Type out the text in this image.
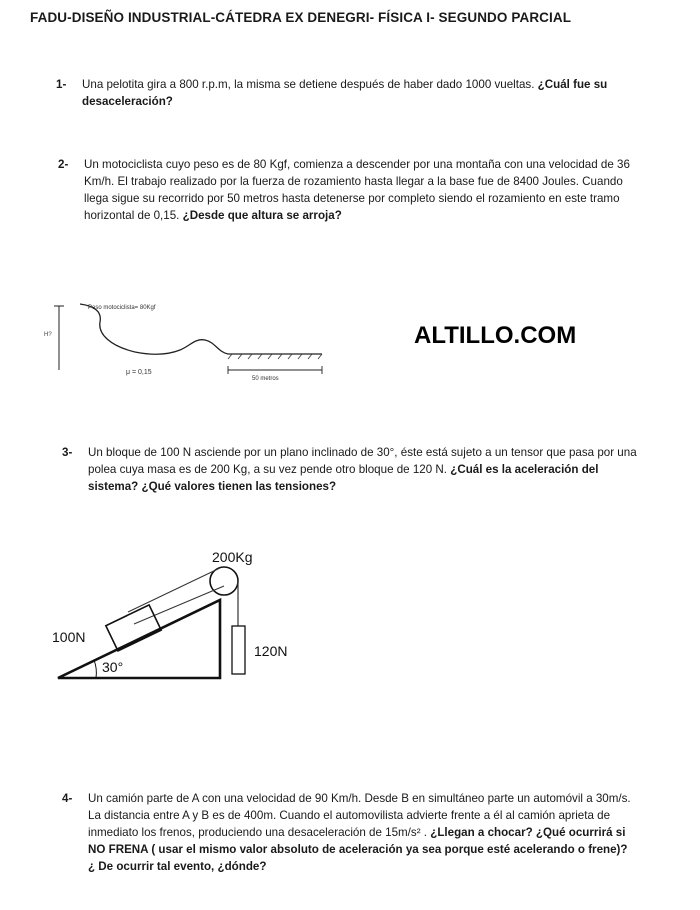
FADU-DISEÑO INDUSTRIAL-CÁTEDRA EX DENEGRI- FÍSICA I- SEGUNDO PARCIAL
1- Una pelotita gira a 800 r.p.m, la misma se detiene después de haber dado 1000 vueltas. ¿Cuál fue su desaceleración?
2- Un motociclista cuyo peso es de 80 Kgf, comienza a descender por una montaña con una velocidad de 36 Km/h. El trabajo realizado por la fuerza de rozamiento hasta llegar a la base fue de 8400 Joules. Cuando llega sigue su recorrido por 50 metros hasta detenerse por completo siendo el rozamiento en este tramo horizontal de 0,15. ¿Desde que altura se arroja?
H?
Peso motociclista= 80Kgf
μ = 0,15
50 metros
ALTILLO.COM
3- Un bloque de 100 N asciende por un plano inclinado de 30°, éste está sujeto a un tensor que pasa por una polea cuya masa es de 200 Kg, a su vez pende otro bloque de 120 N. ¿Cuál es la aceleración del sistema? ¿Qué valores tienen las tensiones?
200Kg
100N
120N
30°
4- Un camión parte de A con una velocidad de 90 Km/h. Desde B en simultáneo parte un automóvil a 30m/s. La distancia entre A y B es de 400m. Cuando el automovilista advierte frente a él al camión aprieta de inmediato los frenos, produciendo una desaceleración de 15m/s² . ¿Llegan a chocar? ¿Qué ocurrirá si NO FRENA ( usar el mismo valor absoluto de aceleración ya sea porque esté acelerando o frene)? ¿ De ocurrir tal evento, ¿dónde?
